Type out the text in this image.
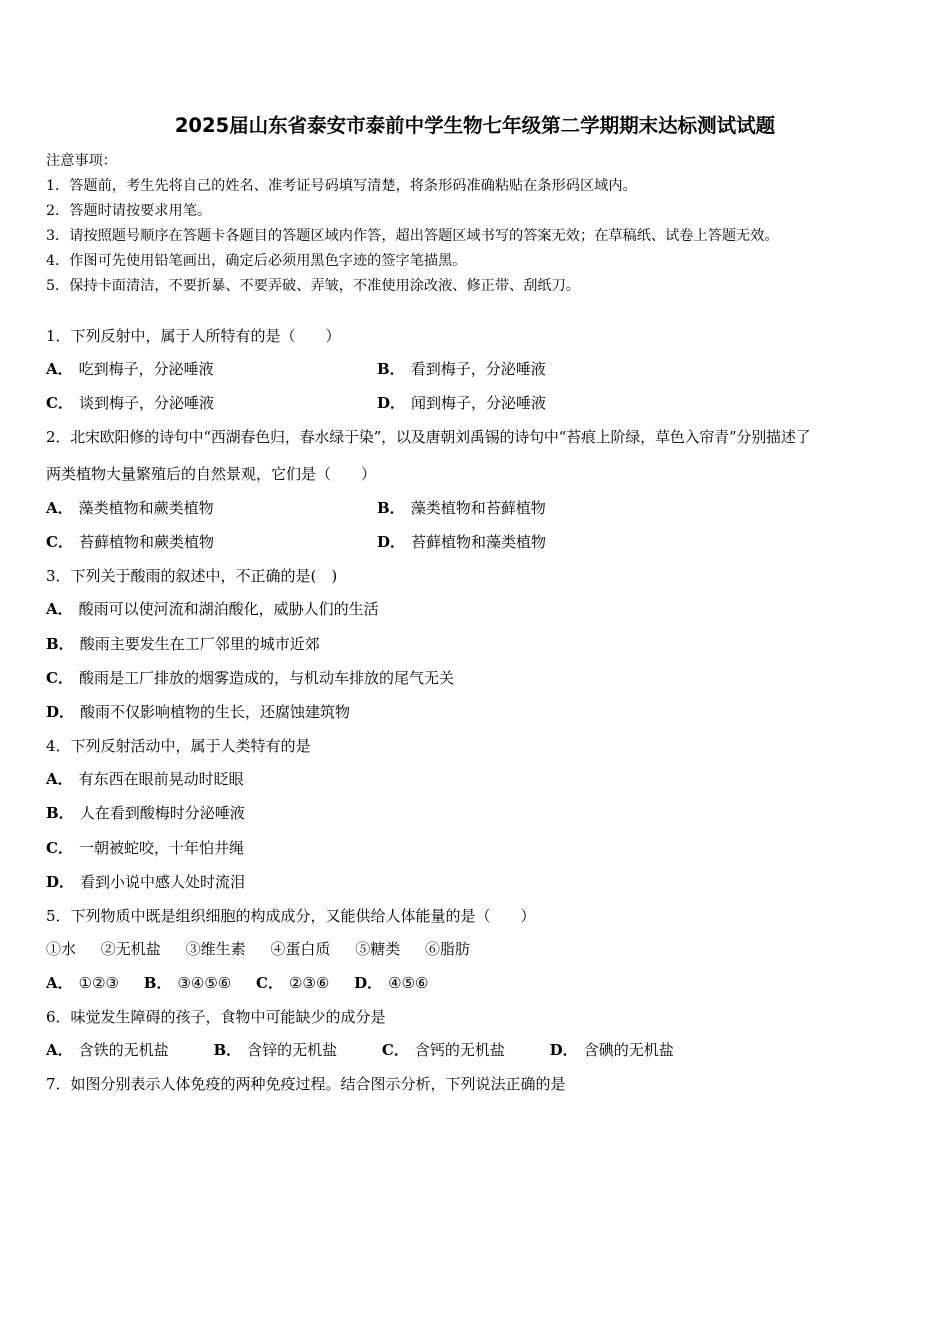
2025届山东省泰安市泰前中学生物七年级第二学期期末达标测试试题
注意事项：
1．答题前，考生先将自己的姓名、准考证号码填写清楚，将条形码准确粘贴在条形码区域内。
2．答题时请按要求用笔。
3．请按照题号顺序在答题卡各题目的答题区域内作答，超出答题区域书写的答案无效；在草稿纸、试卷上答题无效。
4．作图可先使用铅笔画出，确定后必须用黑色字迹的签字笔描黑。
5．保持卡面清洁，不要折暴、不要弄破、弄皱，不准使用涂改液、修正带、刮纸刀。
1．下列反射中，属于人所特有的是（　　）
A． 吃到梅子，分泌唾液	B． 看到梅子，分泌唾液
C． 谈到梅子，分泌唾液	D． 闻到梅子，分泌唾液
2．北宋欧阳修的诗句中“西湖春色归，春水绿于染”，以及唐朝刘禹锡的诗句中“苔痕上阶绿，草色入帘青”分别描述了
两类植物大量繁殖后的自然景观，它们是（　　）
A． 藻类植物和蕨类植物	B． 藻类植物和苔藓植物
C． 苔藓植物和蕨类植物	D． 苔藓植物和藻类植物
3．下列关于酸雨的叙述中，不正确的是(　)
A． 酸雨可以使河流和湖泊酸化，威胁人们的生活
B． 酸雨主要发生在工厂邻里的城市近郊
C． 酸雨是工厂排放的烟雾造成的，与机动车排放的尾气无关
D． 酸雨不仅影响植物的生长，还腐蚀建筑物
4．下列反射活动中，属于人类特有的是
A． 有东西在眼前晃动时眨眼
B． 人在看到酸梅时分泌唾液
C． 一朝被蛇咬，十年怕井绳
D． 看到小说中感人处时流泪
5．下列物质中既是组织细胞的构成成分，又能供给人体能量的是（　　）
①水 ②无机盐 ③维生素 ④蛋白质 ⑤糖类 ⑥脂肪
A． ①②③ B． ③④⑤⑥ C． ②③⑥ D． ④⑤⑥
6．味觉发生障碍的孩子，食物中可能缺少的成分是
A． 含铁的无机盐	B． 含锌的无机盐	C． 含钙的无机盐	D． 含碘的无机盐
7．如图分别表示人体免疫的两种免疫过程。结合图示分析，下列说法正确的是
